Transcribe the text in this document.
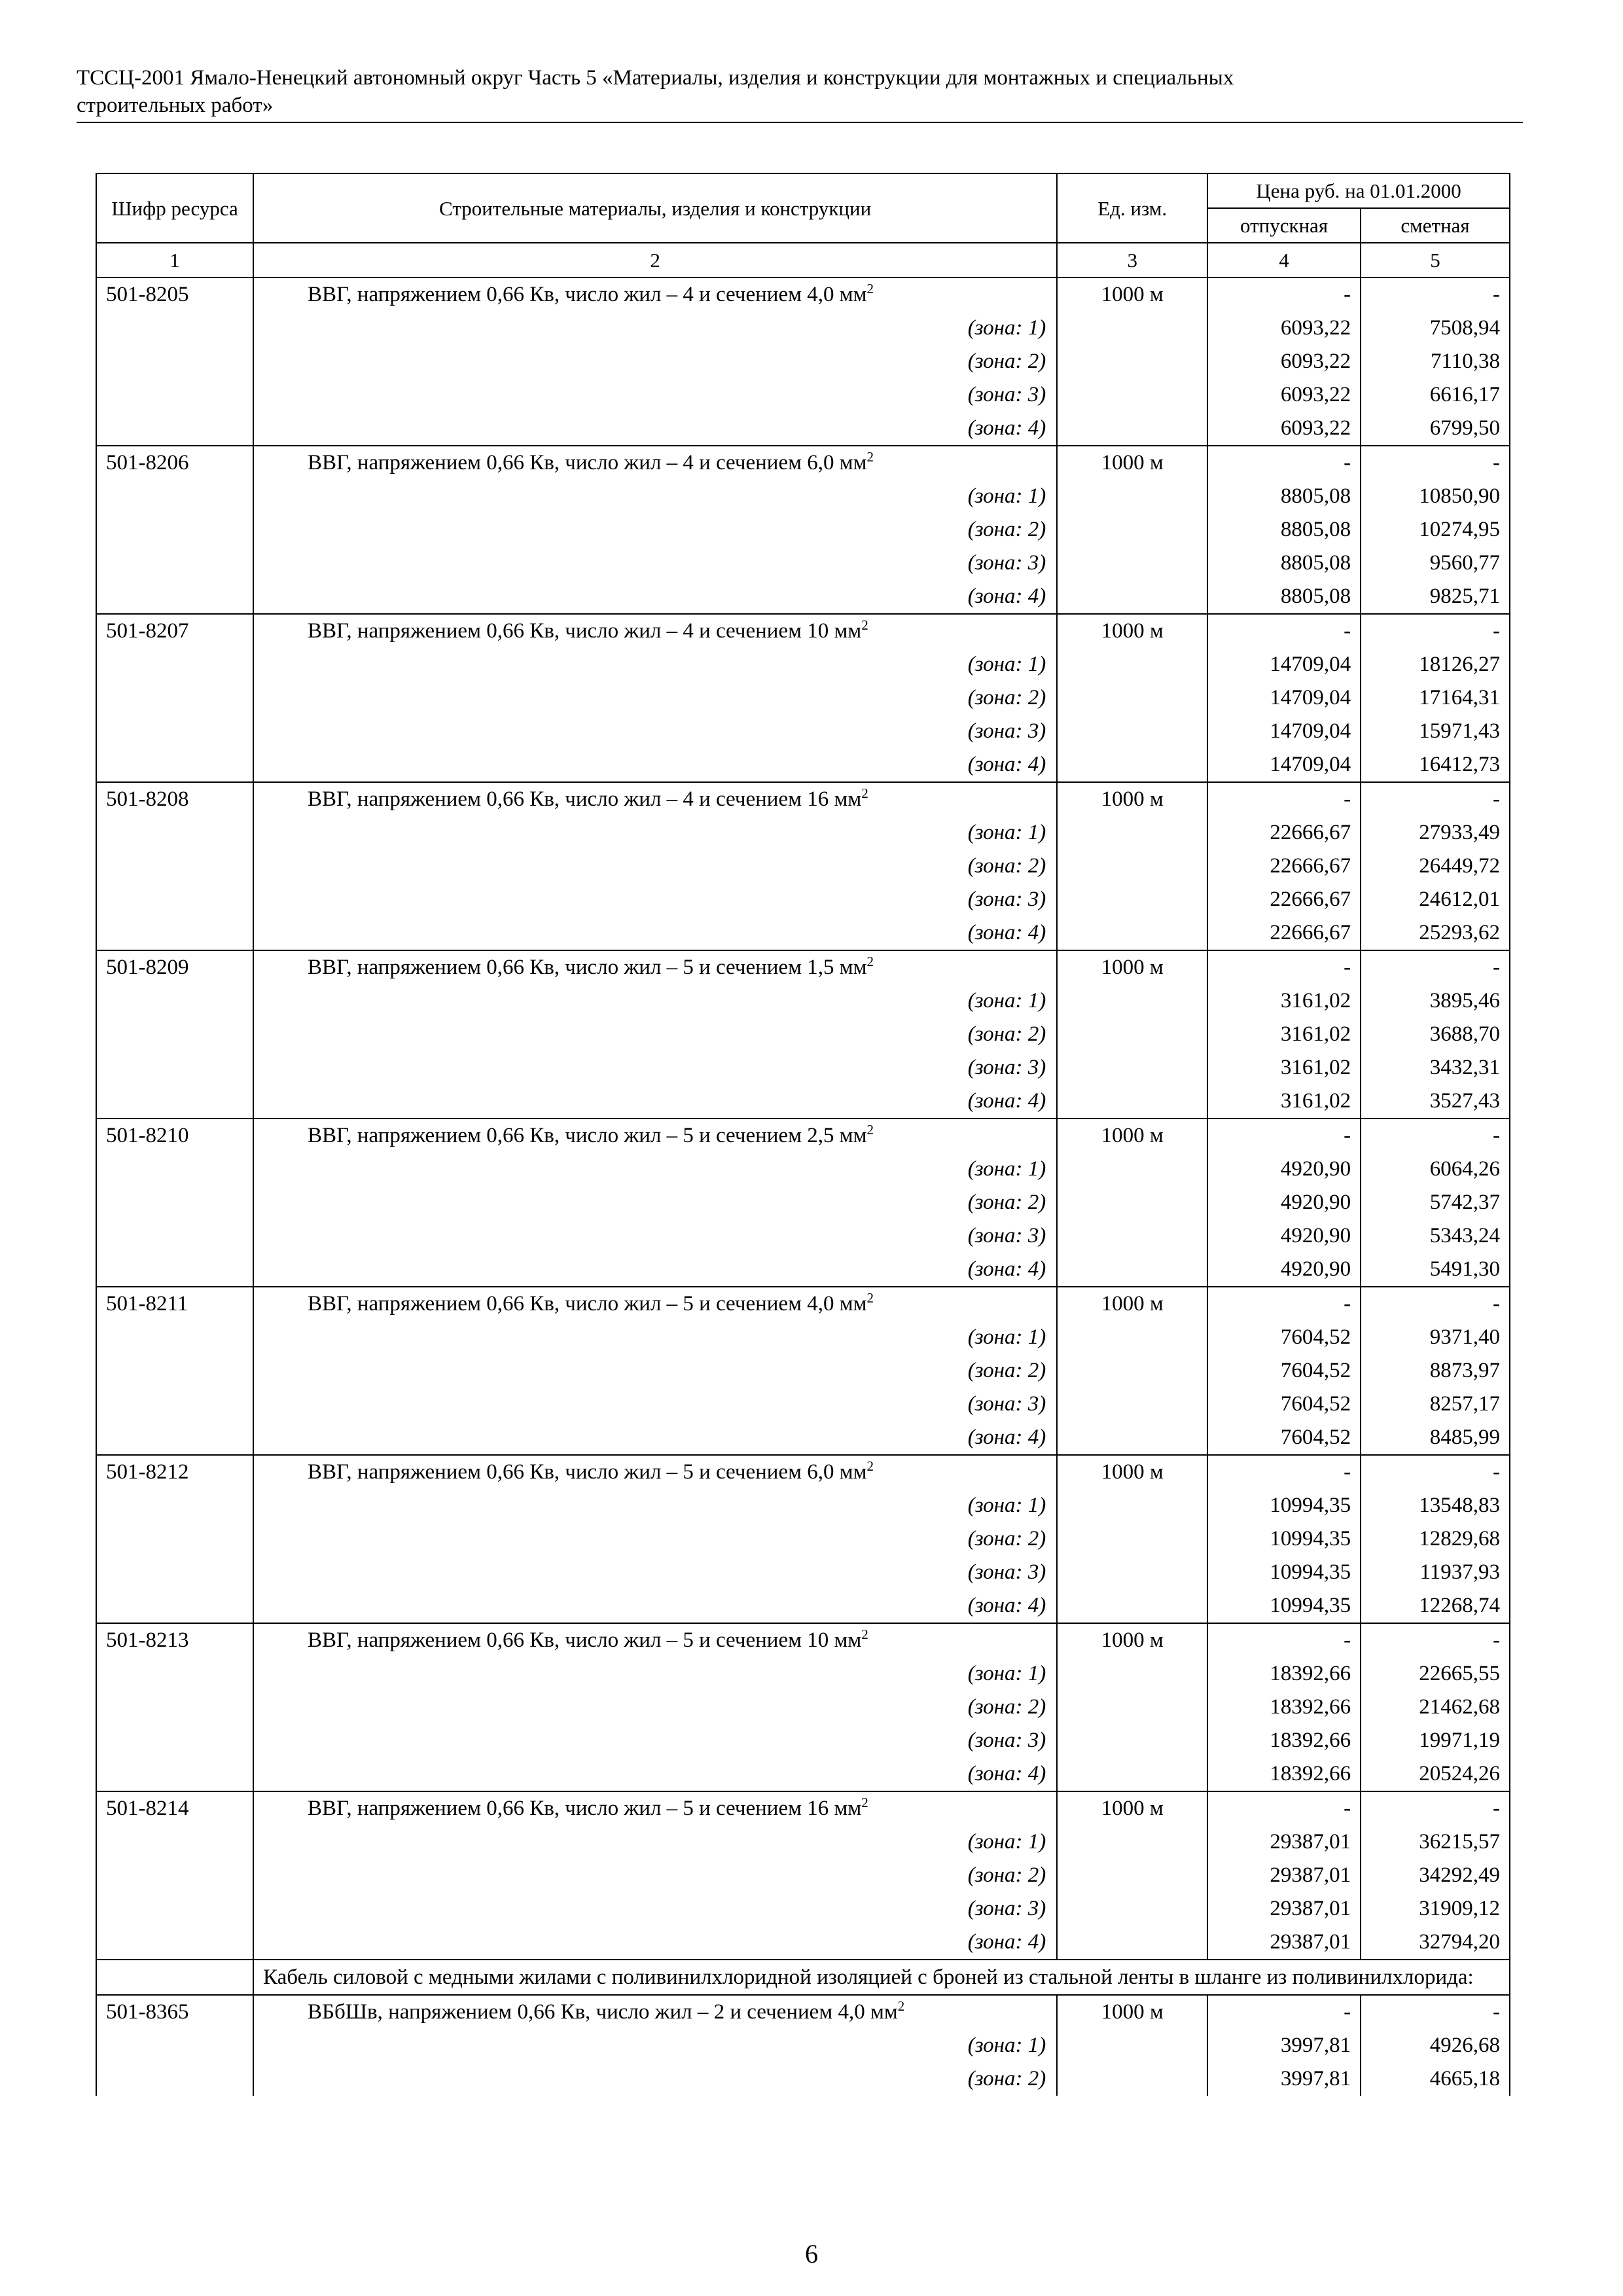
ТССЦ-2001 Ямало-Ненецкий автономный округ Часть 5 «Материалы, изделия и конструкции для монтажных и специальных
строительных работ»
Шифр ресурса	Строительные материалы, изделия и конструкции	Ед. изм.	Цена руб. на 01.01.2000	
			отпускная	сметная
1	2	3	4	5
501-8205	ВВГ, напряжением 0,66 Кв, число жил – 4 и сечением 4,0 $мм^2$	1000 м	-	-
	(зона: 1)		6093,22	7508,94
	(зона: 2)		6093,22	7110,38
	(зона: 3)		6093,22	6616,17
	(зона: 4)		6093,22	6799,50
501-8206	ВВГ, напряжением 0,66 Кв, число жил – 4 и сечением 6,0 $мм^2$	1000 м	-	-
	(зона: 1)		8805,08	10850,90
	(зона: 2)		8805,08	10274,95
	(зона: 3)		8805,08	9560,77
	(зона: 4)		8805,08	9825,71
501-8207	ВВГ, напряжением 0,66 Кв, число жил – 4 и сечением 10 $мм^2$	1000 м	-	-
	(зона: 1)		14709,04	18126,27
	(зона: 2)		14709,04	17164,31
	(зона: 3)		14709,04	15971,43
	(зона: 4)		14709,04	16412,73
501-8208	ВВГ, напряжением 0,66 Кв, число жил – 4 и сечением 16 $мм^2$	1000 м	-	-
	(зона: 1)		22666,67	27933,49
	(зона: 2)		22666,67	26449,72
	(зона: 3)		22666,67	24612,01
	(зона: 4)		22666,67	25293,62
501-8209	ВВГ, напряжением 0,66 Кв, число жил – 5 и сечением 1,5 $мм^2$	1000 м	-	-
	(зона: 1)		3161,02	3895,46
	(зона: 2)		3161,02	3688,70
	(зона: 3)		3161,02	3432,31
	(зона: 4)		3161,02	3527,43
501-8210	ВВГ, напряжением 0,66 Кв, число жил – 5 и сечением 2,5 $мм^2$	1000 м	-	-
	(зона: 1)		4920,90	6064,26
	(зона: 2)		4920,90	5742,37
	(зона: 3)		4920,90	5343,24
	(зона: 4)		4920,90	5491,30
501-8211	ВВГ, напряжением 0,66 Кв, число жил – 5 и сечением 4,0 $мм^2$	1000 м	-	-
	(зона: 1)		7604,52	9371,40
	(зона: 2)		7604,52	8873,97
	(зона: 3)		7604,52	8257,17
	(зона: 4)		7604,52	8485,99
501-8212	ВВГ, напряжением 0,66 Кв, число жил – 5 и сечением 6,0 $мм^2$	1000 м	-	-
	(зона: 1)		10994,35	13548,83
	(зона: 2)		10994,35	12829,68
	(зона: 3)		10994,35	11937,93
	(зона: 4)		10994,35	12268,74
501-8213	ВВГ, напряжением 0,66 Кв, число жил – 5 и сечением 10 $мм^2$	1000 м	-	-
	(зона: 1)		18392,66	22665,55
	(зона: 2)		18392,66	21462,68
	(зона: 3)		18392,66	19971,19
	(зона: 4)		18392,66	20524,26
501-8214	ВВГ, напряжением 0,66 Кв, число жил – 5 и сечением 16 $мм^2$	1000 м	-	-
	(зона: 1)		29387,01	36215,57
	(зона: 2)		29387,01	34292,49
	(зона: 3)		29387,01	31909,12
	(зона: 4)		29387,01	32794,20
	Кабель силовой с медными жилами с поливинилхлоридной изоляцией с броней из стальной ленты в шланге из поливинилхлорида:			
501-8365	ВБбШв, напряжением 0,66 Кв, число жил – 2 и сечением 4,0 $мм^2$	1000 м	-	-
	(зона: 1)		3997,81	4926,68
	(зона: 2)		3997,81	4665,18
6
